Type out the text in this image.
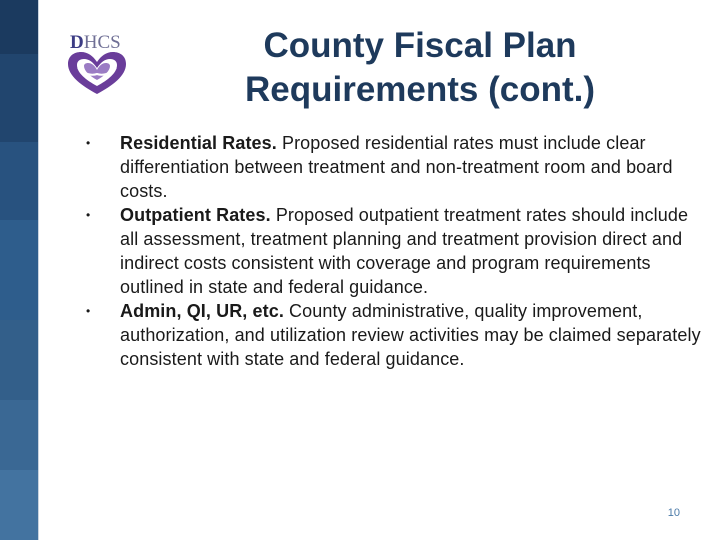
DHCS	County Fiscal Plan
Requirements (cont.)
• Residential Rates. Proposed residential rates must include clear differentiation between treatment and non-treatment room and board costs.
• Outpatient Rates. Proposed outpatient treatment rates should include all assessment, treatment planning and treatment provision direct and indirect costs consistent with coverage and program requirements outlined in state and federal guidance.
• Admin, QI, UR, etc. County administrative, quality improvement, authorization, and utilization review activities may be claimed separately consistent with state and federal guidance.
10
